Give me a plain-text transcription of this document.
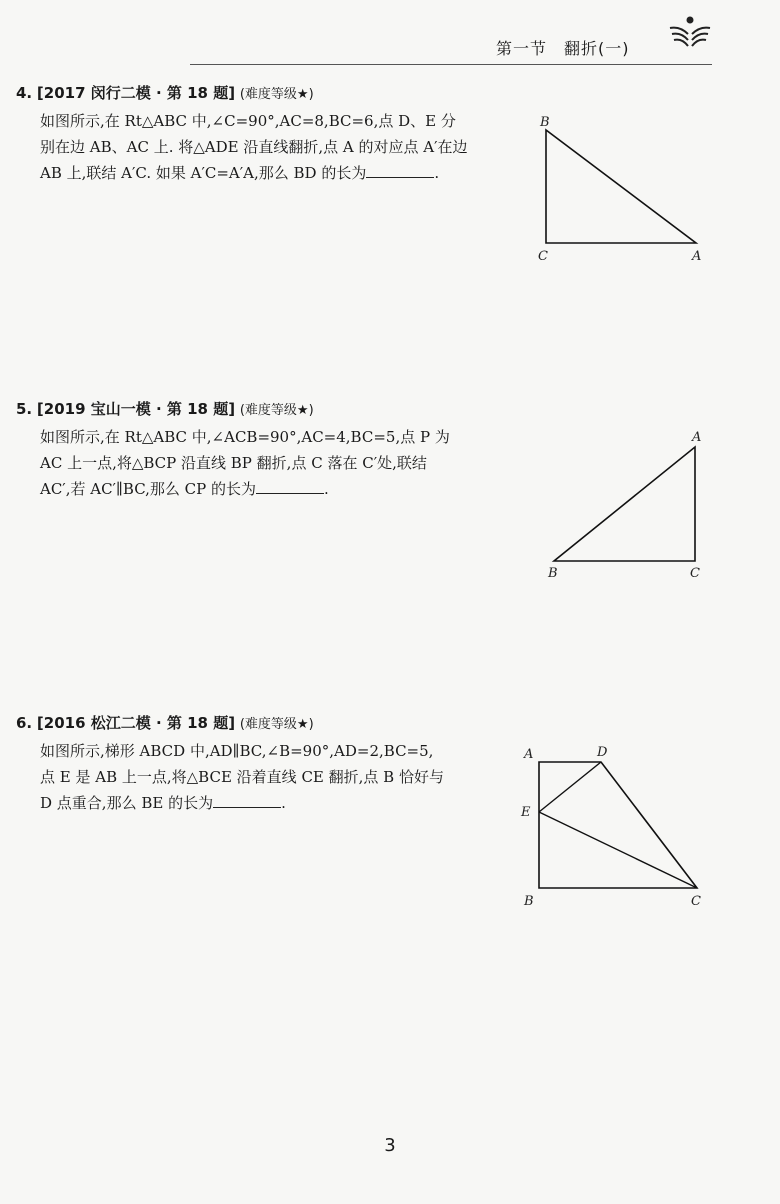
第一节　翻折(一)
4. [2017 闵行二模 · 第 18 题] (难度等级★)

如图所示,在 Rt△ABC 中,∠C=90°,AC=8,BC=6,点 D、E 分

别在边 AB、AC 上. 将△ADE 沿直线翻折,点 A 的对应点 A′在边

AB 上,联结 A′C. 如果 A′C=A′A,那么 BD 的长为	.

B
C	A
5. [2019 宝山一模 · 第 18 题] (难度等级★)

如图所示,在 Rt△ABC 中,∠ACB=90°,AC=4,BC=5,点 P 为

AC 上一点,将△BCP 沿直线 BP 翻折,点 C 落在 C′处,联结

AC′,若 AC′∥BC,那么 CP 的长为	.

A
B	C
6. [2016 松江二模 · 第 18 题] (难度等级★)

如图所示,梯形 ABCD 中,AD∥BC,∠B=90°,AD=2,BC=5,

点 E 是 AB 上一点,将△BCE 沿着直线 CE 翻折,点 B 恰好与

D 点重合,那么 BE 的长为	.

A	D
E
B	C
3
